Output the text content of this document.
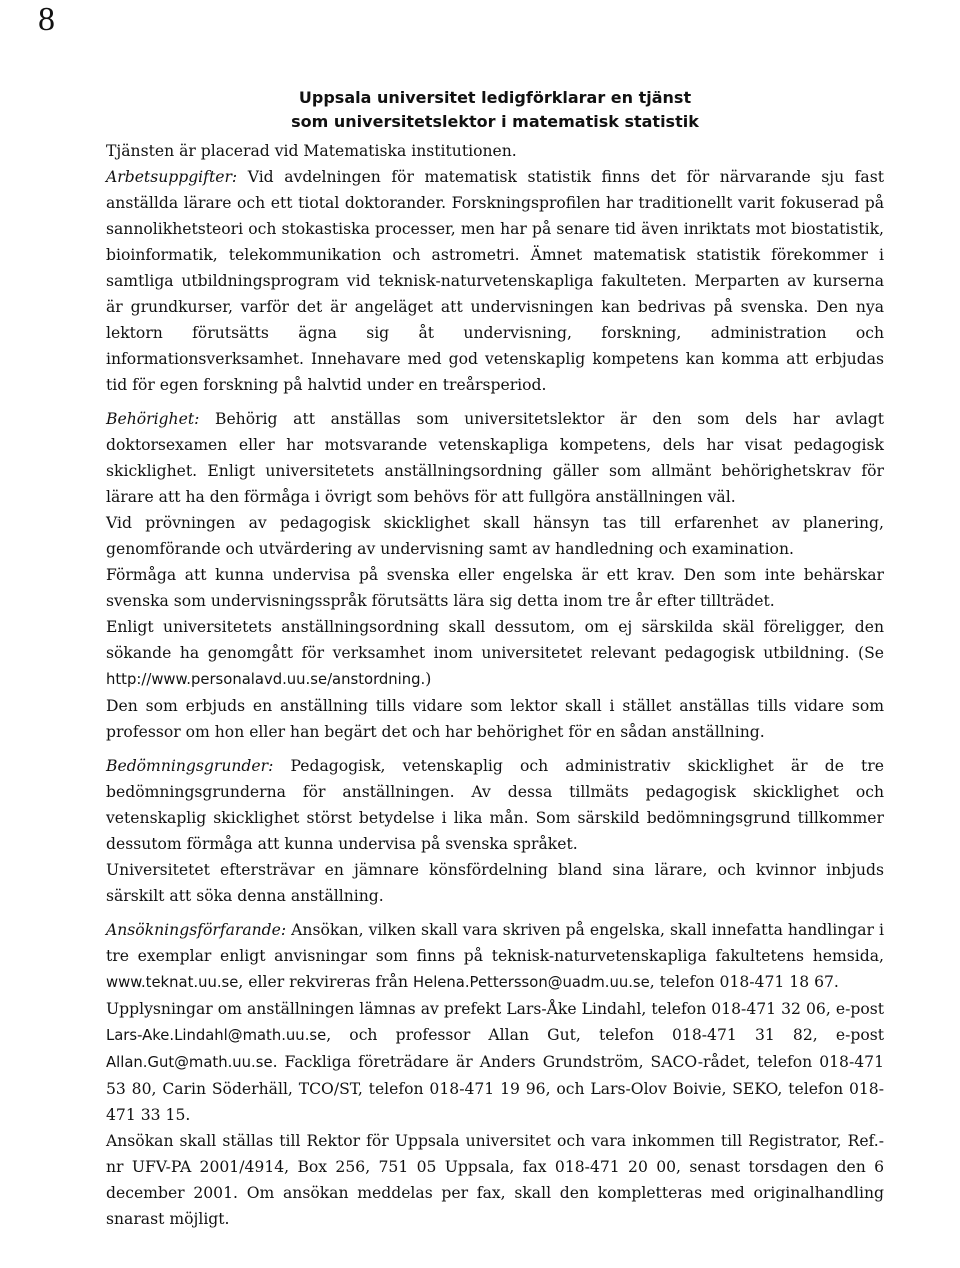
8
Uppsala universitet ledigförklarar en tjänst
som universitetslektor i matematisk statistik

Tjänsten är placerad vid Matematiska institutionen.

Arbetsuppgifter: Vid avdelningen för matematisk statistik finns det för närvarande sju fast anställda lärare och ett tiotal doktorander. Forskningsprofilen har traditionellt varit fokuserad på sannolikhetsteori och stokastiska processer, men har på senare tid även inriktats mot biostatistik, bioinformatik, telekommunikation och astrometri. Ämnet matematisk statistik förekommer i samtliga utbildningsprogram vid teknisk-naturvetenskapliga fakulteten. Merparten av kurserna är grundkurser, varför det är angeläget att undervisningen kan bedrivas på svenska. Den nya lektorn förutsätts ägna sig åt undervisning, forskning, administration och informationsverksamhet. Innehavare med god vetenskaplig kompetens kan komma att erbjudas tid för egen forskning på halvtid under en treårsperiod.

Behörighet: Behörig att anställas som universitetslektor är den som dels har avlagt doktorsexamen eller har motsvarande vetenskapliga kompetens, dels har visat pedagogisk skicklighet. Enligt universitetets anställningsordning gäller som allmänt behörighetskrav för lärare att ha den förmåga i övrigt som behövs för att fullgöra anställningen väl.

Vid prövningen av pedagogisk skicklighet skall hänsyn tas till erfarenhet av planering, genomförande och utvärdering av undervisning samt av handledning och examination.

Förmåga att kunna undervisa på svenska eller engelska är ett krav. Den som inte behärskar svenska som undervisningsspråk förutsätts lära sig detta inom tre år efter tillträdet.

Enligt universitetets anställningsordning skall dessutom, om ej särskilda skäl föreligger, den sökande ha genomgått för verksamhet inom universitetet relevant pedagogisk utbildning. (Se http://www.personalavd.uu.se/anstordning.)

Den som erbjuds en anställning tills vidare som lektor skall i stället anställas tills vidare som professor om hon eller han begärt det och har behörighet för en sådan anställning.

Bedömningsgrunder: Pedagogisk, vetenskaplig och administrativ skicklighet är de tre bedömningsgrunderna för anställningen. Av dessa tillmäts pedagogisk skicklighet och vetenskaplig skicklighet störst betydelse i lika mån. Som särskild bedömningsgrund tillkommer dessutom förmåga att kunna undervisa på svenska språket.

Universitetet eftersträvar en jämnare könsfördelning bland sina lärare, och kvinnor inbjuds särskilt att söka denna anställning.

Ansökningsförfarande: Ansökan, vilken skall vara skriven på engelska, skall innefatta handlingar i tre exemplar enligt anvisningar som finns på teknisk-naturvetenskapliga fakultetens hemsida, www.teknat.uu.se, eller rekvireras från Helena.Pettersson@uadm.uu.se, telefon 018-471 18 67.

Upplysningar om anställningen lämnas av prefekt Lars-Åke Lindahl, telefon 018-471 32 06, e-post Lars-Ake.Lindahl@math.uu.se, och professor Allan Gut, telefon 018-471 31 82, e-post Allan.Gut@math.uu.se. Fackliga företrädare är Anders Grundström, SACO-rådet, telefon 018-471 53 80, Carin Söderhäll, TCO/ST, telefon 018-471 19 96, och Lars-Olov Boivie, SEKO, telefon 018-471 33 15.

Ansökan skall ställas till Rektor för Uppsala universitet och vara inkommen till Registrator, Ref.-nr UFV-PA 2001/4914, Box 256, 751 05 Uppsala, fax 018-471 20 00, senast torsdagen den 6 december 2001. Om ansökan meddelas per fax, skall den kompletteras med originalhandling snarast möjligt.
